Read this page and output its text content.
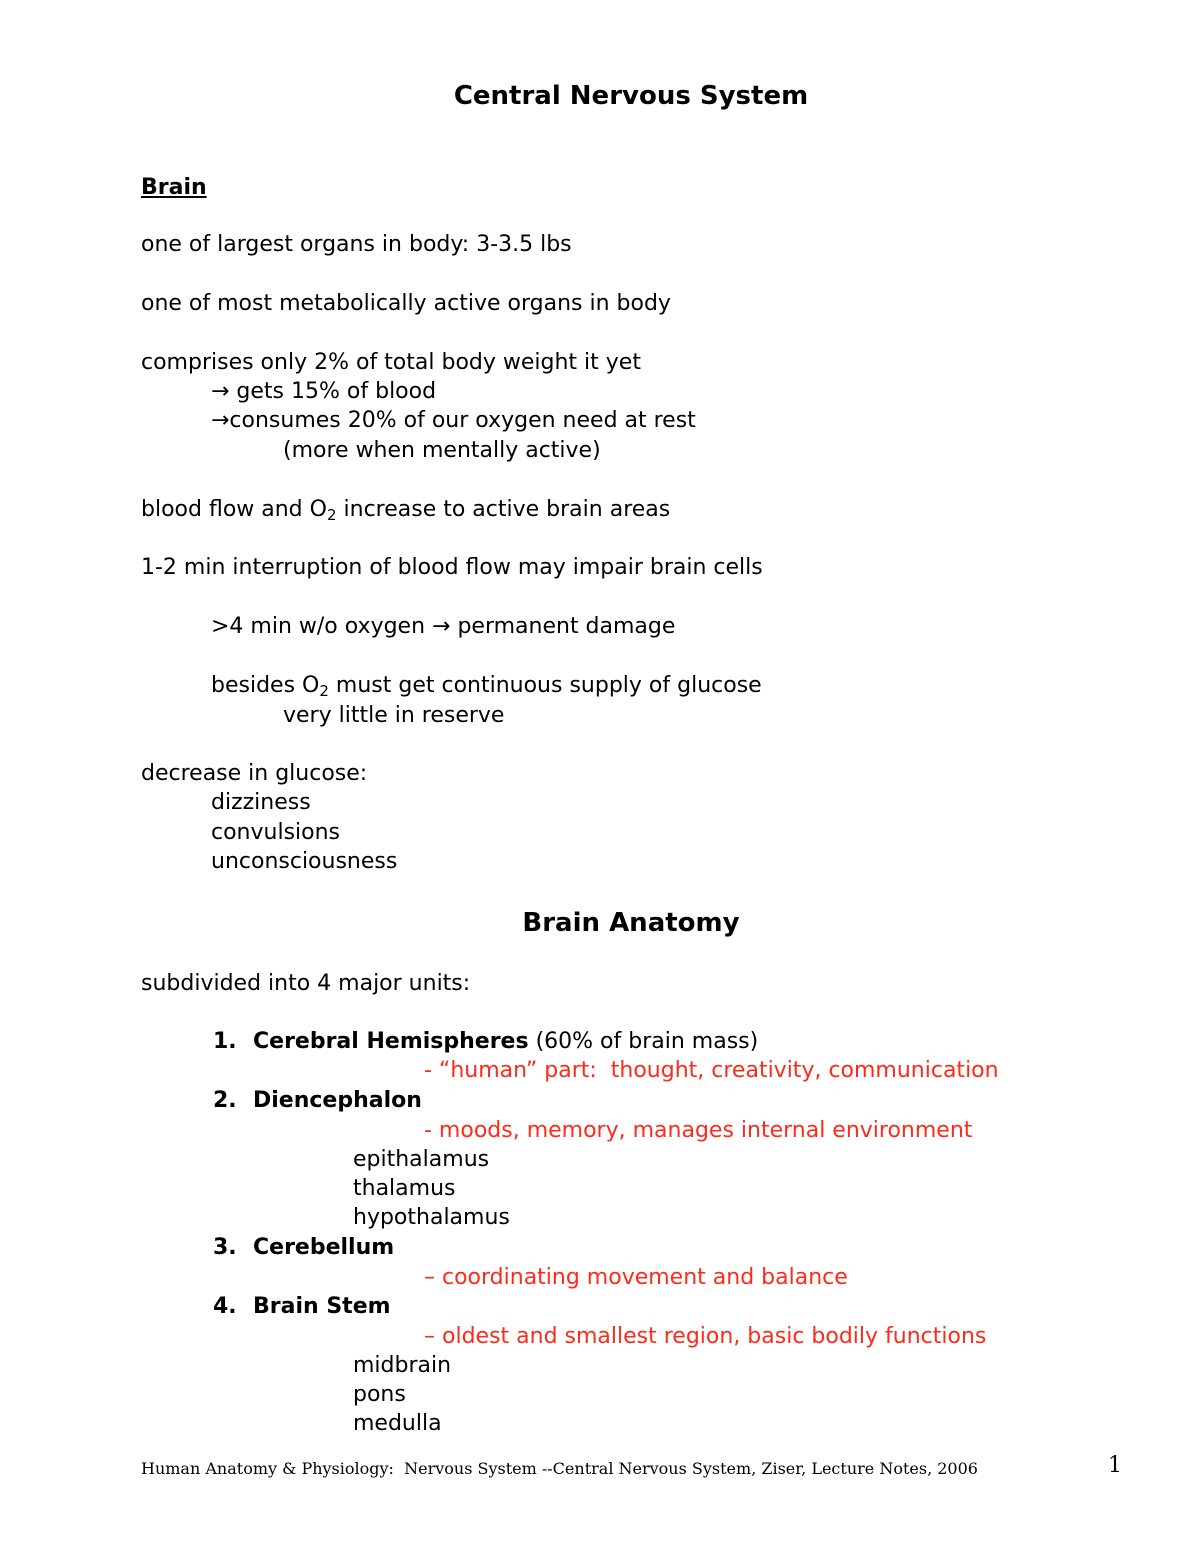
Central Nervous System
Brain
one of largest organs in body: 3-3.5 lbs
one of most metabolically active organs in body
comprises only 2% of total body weight it yet
→ gets 15% of blood
→consumes 20% of our oxygen need at rest
(more when mentally active)
blood flow and $O_2$ increase to active brain areas
1-2 min interruption of blood flow may impair brain cells
>4 min w/o oxygen → permanent damage
besides $O_2$ must get continuous supply of glucose
very little in reserve
decrease in glucose:
dizziness
convulsions
unconsciousness
Brain Anatomy
subdivided into 4 major units:
1. Cerebral Hemispheres (60% of brain mass)
- “human” part:  thought, creativity, communication
2. Diencephalon
- moods, memory, manages internal environment
epithalamus
thalamus
hypothalamus
3. Cerebellum
– coordinating movement and balance
4. Brain Stem
– oldest and smallest region, basic bodily functions
midbrain
pons
medulla
Human Anatomy & Physiology:  Nervous System --Central Nervous System, Ziser, Lecture Notes, 2006	1
